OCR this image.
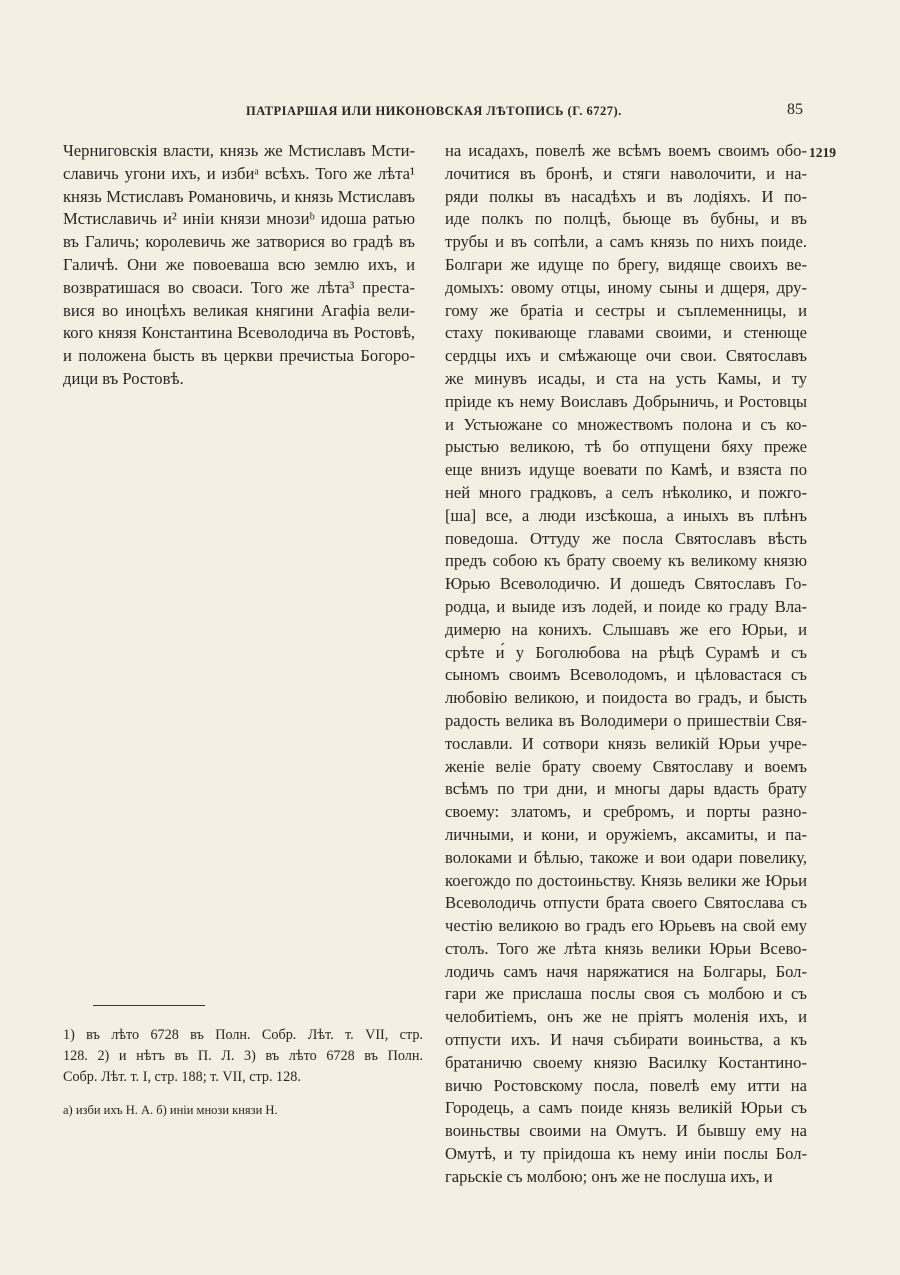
ПАТРІАРШАЯ ИЛИ НИКОНОВСКАЯ ЛѢТОПИСЬ (Г. 6727).	85
1219
Черниговскія власти, князь же Мстиславъ Мсти-
славичь угони ихъ, и избиᵃ всѣхъ. Того же лѣта¹
князь Мстиславъ Романовичь, и князь Мстиславъ
Мстиславичь и² иніи князи мнозиᵇ идоша ратью
въ Галичь; королевичь же затворися во градѣ въ
Галичѣ. Они же повоеваша всю землю ихъ, и
возвратишася во своаси. Того же лѣта³ преста-
вися во иноцѣхъ великая княгини Агафіа вели-
кого князя Константина Всеволодича въ Ростовѣ,
и положена бысть въ церкви пречистыа Богоро-
дици въ Ростовѣ.
на исадахъ, повелѣ же всѣмъ воемъ своимъ обо-
лочитися въ бронѣ, и стяги наволочити, и на-
ряди полкы въ насадѣхъ и въ лодіяхъ. И по-
иде полкъ по полцѣ, бьюще въ бубны, и въ
трубы и въ сопѣли, а самъ князь по нихъ поиде.
Болгари же идуще по брегу, видяще своихъ ве-
домыхъ: овому отцы, иному сыны и дщеря, дру-
гому же братіа и сестры и съплеменницы, и
стаху покивающе главами своими, и стенюще
сердцы ихъ и смѣжающе очи свои. Святославъ
же минувъ исады, и ста на усть Камы, и ту
пріиде къ нему Воиславъ Добрыничь, и Ростовцы
и Устьюжане со множествомъ полона и съ ко-
рыстью великою, тѣ бо отпущени бяху преже
еще внизъ идуще воевати по Камѣ, и взяста по
ней много градковъ, а селъ нѣколико, и пожго-
[ша] все, а люди изсѣкоша, а иныхъ въ плѣнъ
поведоша. Оттуду же посла Святославъ вѣсть
предъ собою къ брату своему къ великому князю
Юрью Всеволодичю. И дошедъ Святославъ Го-
родца, и выиде изъ лодей, и поиде ко граду Вла-
димерю на конихъ. Слышавъ же его Юрьи, и
срѣте и́ у Боголюбова на рѣцѣ Сурамѣ и съ
сыномъ своимъ Всеволодомъ, и цѣловастася съ
любовію великою, и поидоста во градъ, и бысть
радость велика въ Володимери о пришествіи Свя-
тославли. И сотвори князь великій Юрьи учре-
женіе веліе брату своему Святославу и воемъ
всѣмъ по три дни, и многы дары вдасть брату
своему: златомъ, и сребромъ, и порты разно-
личными, и кони, и оружіемъ, аксамиты, и па-
волоками и бѣлью, такоже и вои одари повелику,
коегождо по достоиньству. Князь велики же Юрьи
Всеволодичь отпусти брата своего Святослава съ
честію великою во градъ его Юрьевъ на свой ему
столъ. Того же лѣта князь велики Юрьи Всево-
лодичь самъ начя наряжатися на Болгары, Бол-
гари же прислаша послы своя съ молбою и съ
челобитіемъ, онъ же не пріятъ моленія ихъ, и
отпусти ихъ. И начя събирати воиньства, а къ
братаничю своему князю Василку Костантино-
вичю Ростовскому посла, повелѣ ему итти на
Городець, а самъ поиде князь великій Юрьи съ
воиньствы своими на Омутъ. И бывшу ему на
Омутѣ, и ту пріидоша къ нему иніи послы Бол-
гарьскіе съ молбою; онъ же не послуша ихъ, и
1) въ лѣто 6728 въ Полн. Собр. Лѣт. т. VII, стр.
128. 2) и нѣтъ въ П. Л. 3) въ лѣто 6728 въ Полн.
Собр. Лѣт. т. I, стр. 188; т. VII, стр. 128.
а) изби ихъ Н. А. б) иніи мнози князи Н.
